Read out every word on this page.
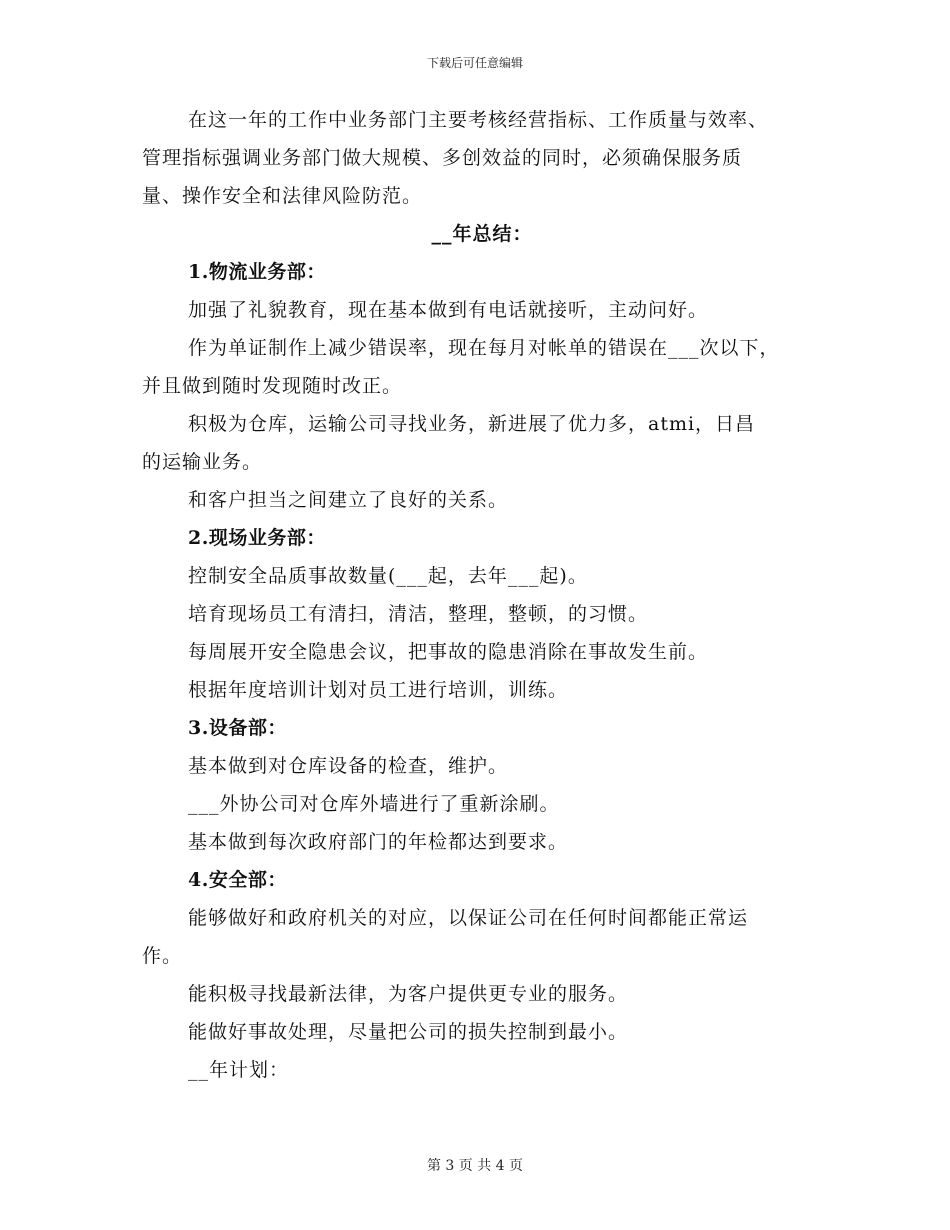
下载后可任意编辑
在这一年的工作中业务部门主要考核经营指标、工作质量与效率、
管理指标强调业务部门做大规模、多创效益的同时，必须确保服务质
量、操作安全和法律风险防范。
__年总结：
1.物流业务部：
加强了礼貌教育，现在基本做到有电话就接听，主动问好。
作为单证制作上减少错误率，现在每月对帐单的错误在___次以下，
并且做到随时发现随时改正。
积极为仓库，运输公司寻找业务，新进展了优力多，atmi，日昌
的运输业务。
和客户担当之间建立了良好的关系。
2.现场业务部：
控制安全品质事故数量(___起，去年___起)。
培育现场员工有清扫，清洁，整理，整顿，的习惯。
每周展开安全隐患会议，把事故的隐患消除在事故发生前。
根据年度培训计划对员工进行培训，训练。
3.设备部：
基本做到对仓库设备的检查，维护。
___外协公司对仓库外墙进行了重新涂刷。
基本做到每次政府部门的年检都达到要求。
4.安全部：
能够做好和政府机关的对应，以保证公司在任何时间都能正常运
作。
能积极寻找最新法律，为客户提供更专业的服务。
能做好事故处理，尽量把公司的损失控制到最小。
__年计划：
第 3 页 共 4 页
